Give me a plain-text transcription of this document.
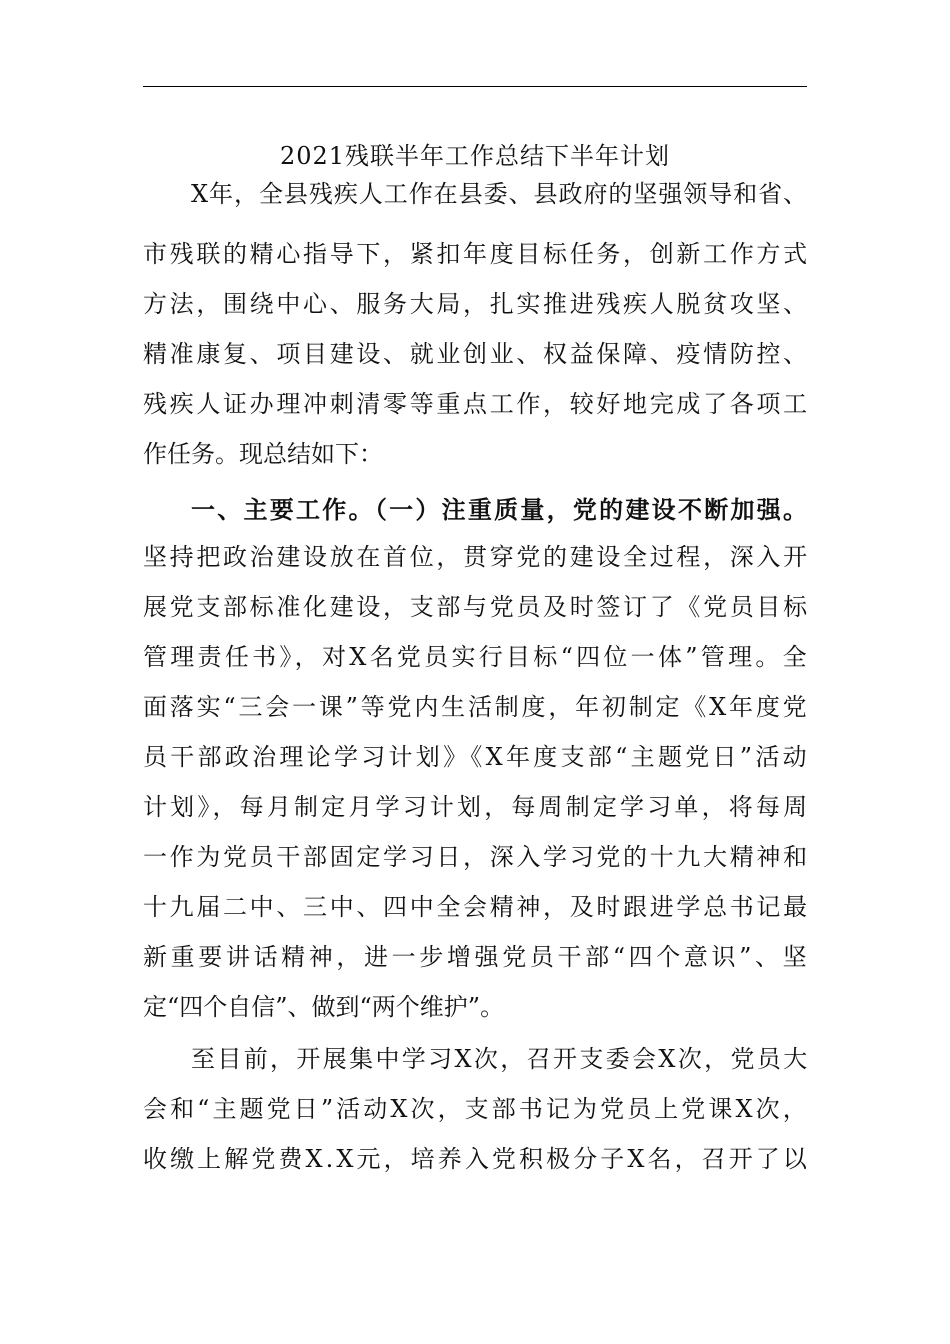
2021残联半年工作总结下半年计划
X年，全县残疾人工作在县委、县政府的坚强领导和省、
市残联的精心指导下，紧扣年度目标任务，创新工作方式
方法，围绕中心、服务大局，扎实推进残疾人脱贫攻坚、
精准康复、项目建设、就业创业、权益保障、疫情防控、
残疾人证办理冲刺清零等重点工作，较好地完成了各项工
作任务。现总结如下：
一、主要工作。（一）注重质量，党的建设不断加强。
坚持把政治建设放在首位，贯穿党的建设全过程，深入开
展党支部标准化建设，支部与党员及时签订了《党员目标
管理责任书》，对X名党员实行目标“四位一体”管理。全
面落实“三会一课”等党内生活制度，年初制定《X年度党
员干部政治理论学习计划》《X年度支部“主题党日”活动
计划》，每月制定月学习计划，每周制定学习单，将每周
一作为党员干部固定学习日，深入学习党的十九大精神和
十九届二中、三中、四中全会精神，及时跟进学总书记最
新重要讲话精神，进一步增强党员干部“四个意识”、坚
定“四个自信”、做到“两个维护”。
至目前，开展集中学习X次，召开支委会X次，党员大
会和“主题党日”活动X次，支部书记为党员上党课X次，
收缴上解党费X.X元，培养入党积极分子X名，召开了以
